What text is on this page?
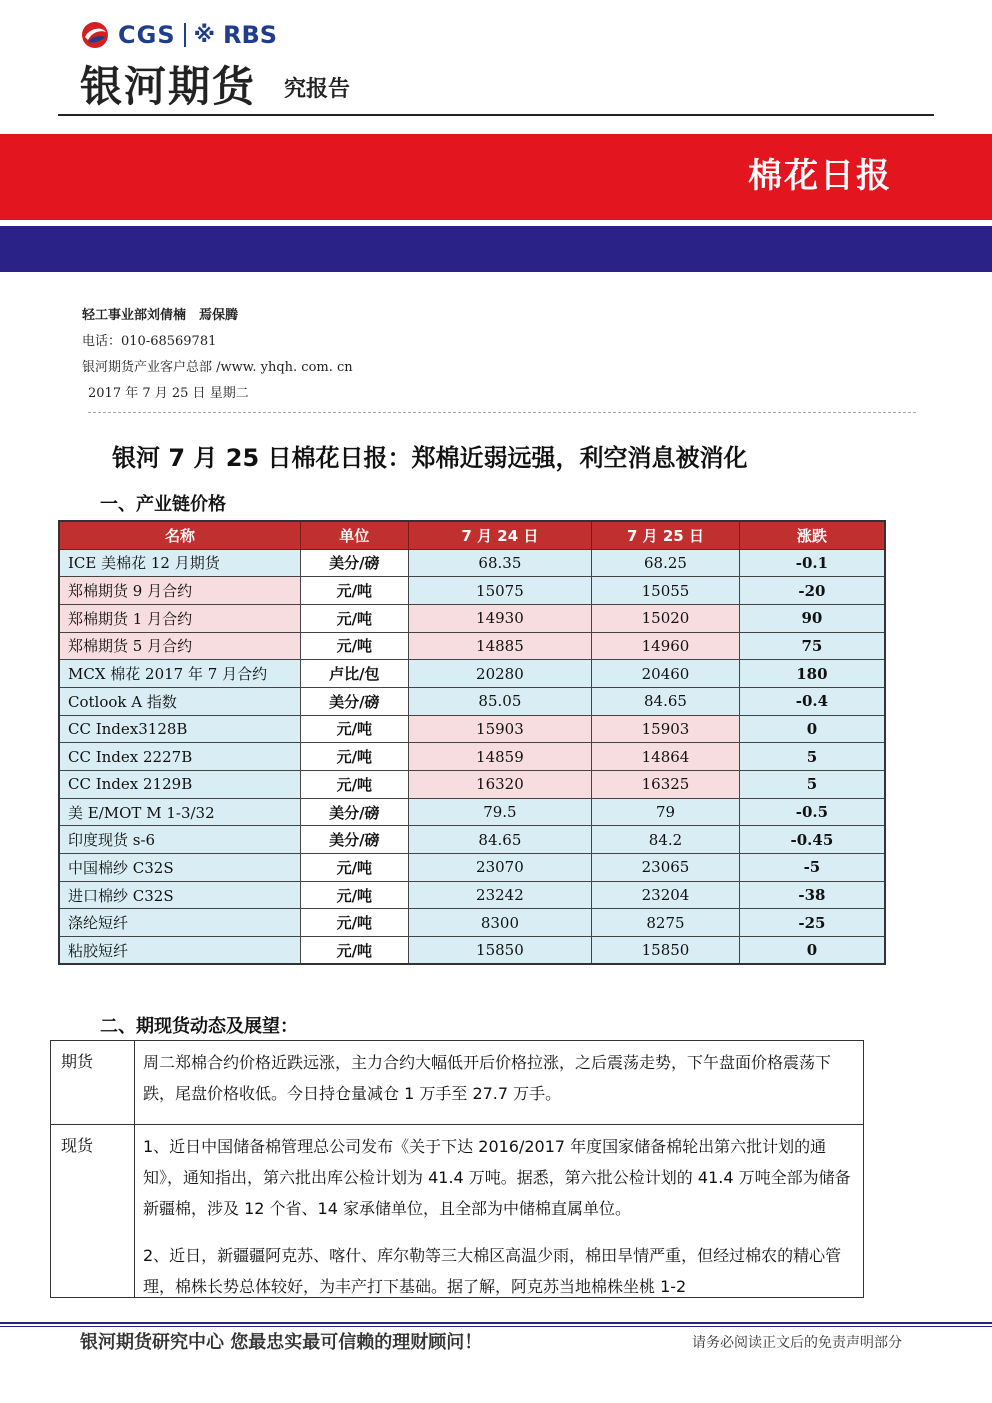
CGS ※ RBS
银河期货 究报告
棉花日报
轻工事业部刘倩楠　焉保腾
电话：010-68569781
银河期货产业客户总部 /www. yhqh. com. cn
2017 年 7 月 25 日 星期二
银河 7 月 25 日棉花日报：郑棉近弱远强，利空消息被消化
一、产业链价格
名称	单位	7 月 24 日	7 月 25 日	涨跌
ICE 美棉花 12 月期货	美分/磅	68.35	68.25	-0.1
郑棉期货 9 月合约	元/吨	15075	15055	-20
郑棉期货 1 月合约	元/吨	14930	15020	90
郑棉期货 5 月合约	元/吨	14885	14960	75
MCX 棉花 2017 年 7 月合约	卢比/包	20280	20460	180
Cotlook A 指数	美分/磅	85.05	84.65	-0.4
CC Index3128B	元/吨	15903	15903	0
CC Index 2227B	元/吨	14859	14864	5
CC Index 2129B	元/吨	16320	16325	5
美 E/MOT M 1-3/32	美分/磅	79.5	79	-0.5
印度现货 s-6	美分/磅	84.65	84.2	-0.45
中国棉纱 C32S	元/吨	23070	23065	-5
进口棉纱 C32S	元/吨	23242	23204	-38
涤纶短纤	元/吨	8300	8275	-25
粘胶短纤	元/吨	15850	15850	0
二、期现货动态及展望：
期货	周二郑棉合约价格近跌远涨，主力合约大幅低开后价格拉涨，之后震荡走势，下午盘面价格震荡下跌，尾盘价格收低。今日持仓量减仓 1 万手至 27.7 万手。

现货	1、近日中国储备棉管理总公司发布《关于下达 2016/2017 年度国家储备棉轮出第六批计划的通知》，通知指出，第六批出库公检计划为 41.4 万吨。据悉，第六批公检计划的 41.4 万吨全部为储备新疆棉，涉及 12 个省、14 家承储单位，且全部为中储棉直属单位。

2、近日，新疆疆阿克苏、喀什、库尔勒等三大棉区高温少雨，棉田旱情严重，但经过棉农的精心管理，棉株长势总体较好，为丰产打下基础。据了解，阿克苏当地棉株坐桃 1-2

银河期货研究中心 您最忠实最可信赖的理财顾问！	请务必阅读正文后的免责声明部分
